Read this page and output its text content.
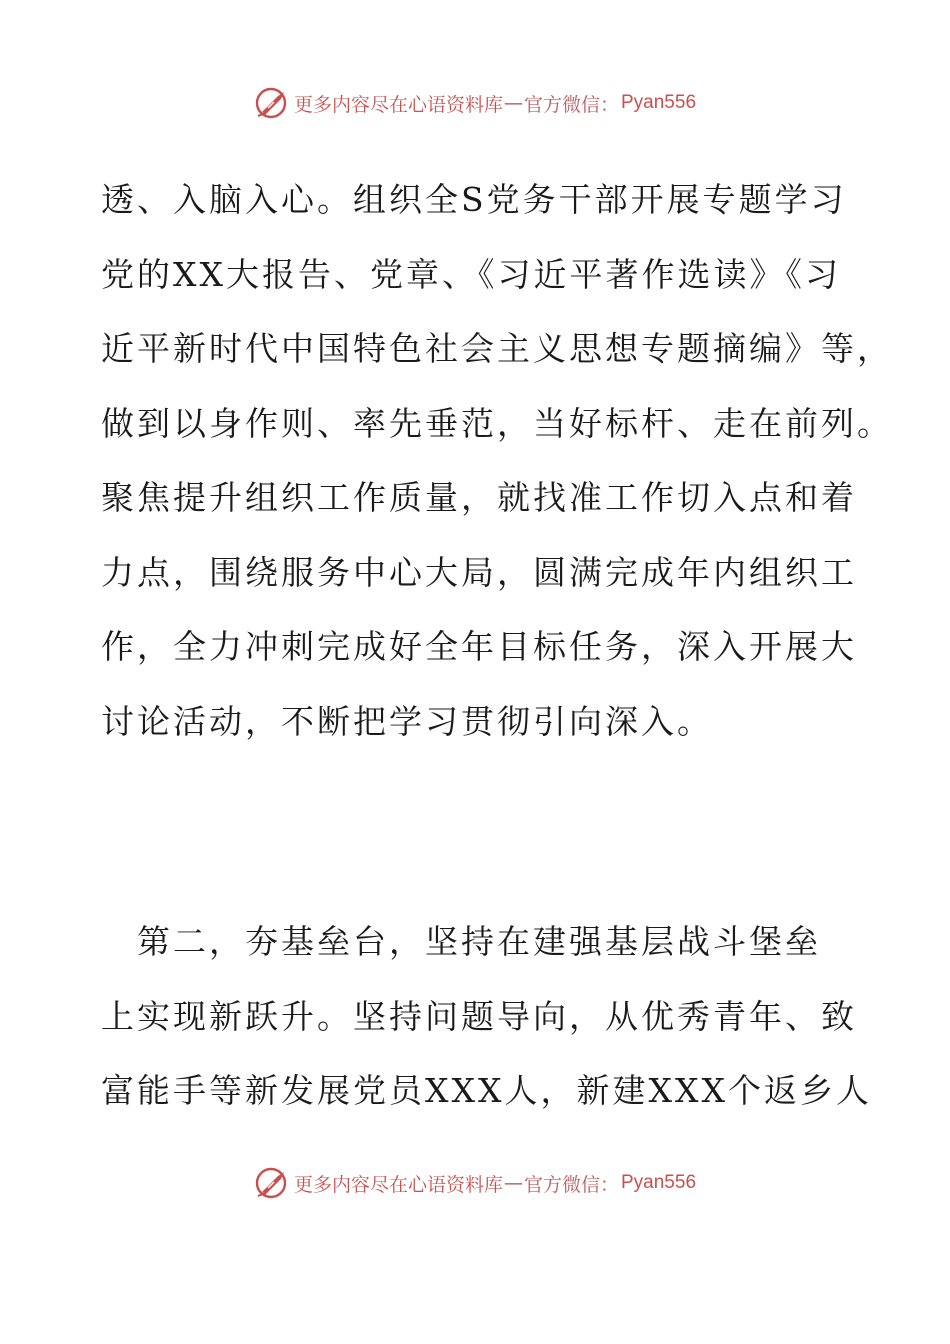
更多内容尽在心语资料库 — 官方微信： Pyan556
透、入脑入心。组织全S党务干部开展专题学习
党的XX大报告、党章、《习近平著作选读》《习
近平新时代中国特色社会主义思想专题摘编》等，
做到以身作则、率先垂范，当好标杆、走在前列。
聚焦提升组织工作质量，就找准工作切入点和着
力点，围绕服务中心大局，圆满完成年内组织工
作，全力冲刺完成好全年目标任务，深入开展大
讨论活动，不断把学习贯彻引向深入。
　第二，夯基垒台，坚持在建强基层战斗堡垒
上实现新跃升。坚持问题导向，从优秀青年、致
富能手等新发展党员XXX人，新建XXX个返乡人
更多内容尽在心语资料库 — 官方微信： Pyan556
